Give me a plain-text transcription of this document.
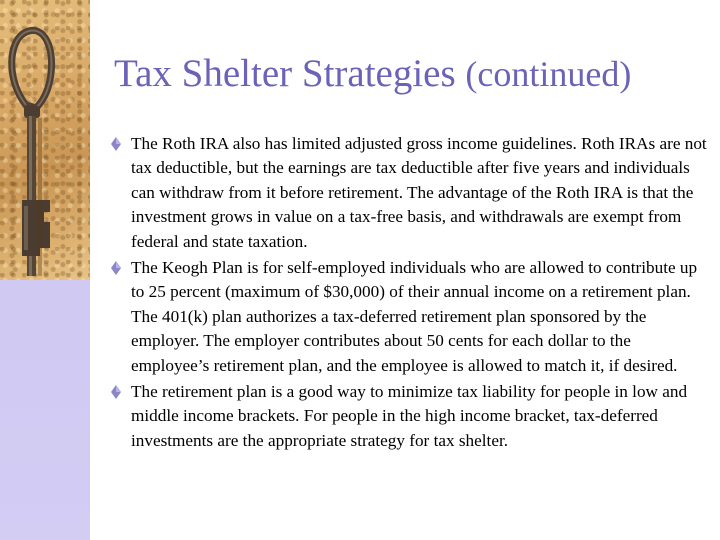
Tax Shelter Strategies (continued)
The Roth IRA also has limited adjusted gross income guidelines. Roth IRAs are not tax deductible, but the earnings are tax deductible after five years and individuals can withdraw from it before retirement. The advantage of the Roth IRA is that the investment grows in value on a tax-free basis, and withdrawals are exempt from federal and state taxation.
The Keogh Plan is for self-employed individuals who are allowed to contribute up to 25 percent (maximum of $30,000) of their annual income on a retirement plan. The 401(k) plan authorizes a tax-deferred retirement plan sponsored by the employer. The employer contributes about 50 cents for each dollar to the employee’s retirement plan, and the employee is allowed to match it, if desired.
The retirement plan is a good way to minimize tax liability for people in low and middle income brackets. For people in the high income bracket, tax-deferred investments are the appropriate strategy for tax shelter.
